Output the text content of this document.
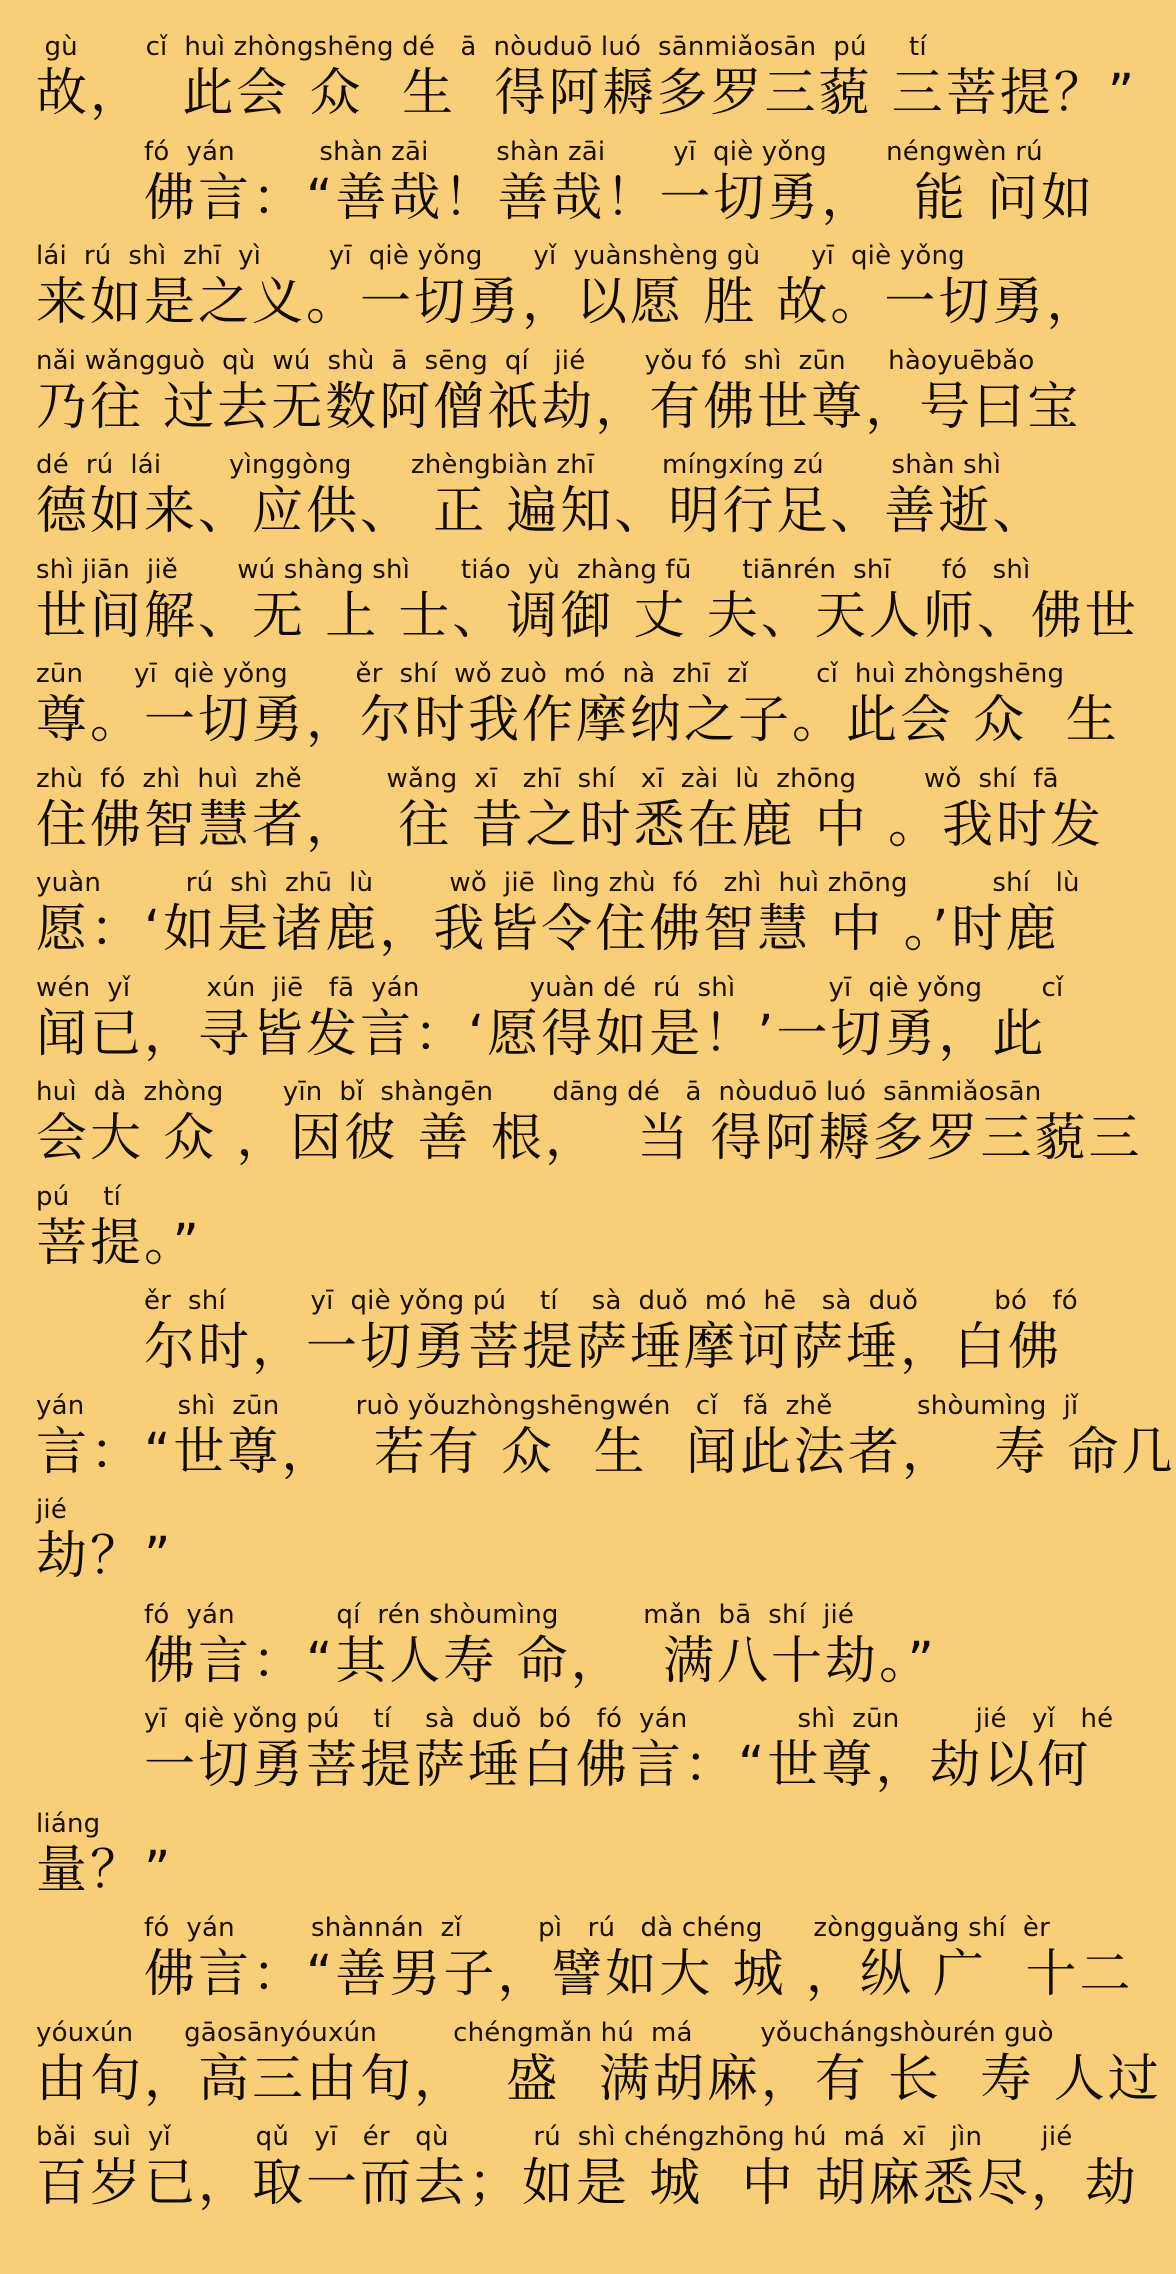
gù        cǐ  huì zhòngshēng dé   ā  nòuduō luó  sānmiǎosān  pú     tí
故，  此会 众  生  得阿耨多罗三藐 三菩提？”
fó  yán          shàn zāi        shàn zāi        yī  qiè yǒng       néngwèn rú
佛言：“善哉！善哉！一切勇，  能 问如
lái  rú  shì  zhī  yì        yī  qiè yǒng      yǐ  yuànshèng gù      yī  qiè yǒng
来如是之义。一切勇，以愿 胜 故。一切勇，
nǎi wǎngguò  qù  wú  shù  ā  sēng  qí   jié       yǒu fó  shì  zūn     hàoyuēbǎo
乃往 过去无数阿僧祇劫，有佛世尊，号曰宝
dé  rú  lái        yìnggòng       zhèngbiàn zhī        míngxíng zú        shàn shì
德如来、应供、 正 遍知、明行足、善逝、
shì jiān  jiě       wú shàng shì      tiáo  yù  zhàng fū      tiānrén  shī      fó   shì
世间解、无 上 士、调御 丈 夫、天人师、佛世
zūn      yī  qiè yǒng        ěr  shí  wǒ zuò  mó  nà  zhī  zǐ        cǐ  huì zhòngshēng
尊。一切勇，尔时我作摩纳之子。此会 众  生
zhù  fó  zhì  huì  zhě          wǎng  xī   zhī  shí   xī  zài  lù  zhōng        wǒ  shí  fā
住佛智慧者，  往 昔之时悉在鹿 中 。我时发
yuàn          rú  shì  zhū  lù         wǒ  jiē  lìng zhù  fó   zhì  huì zhōng          shí   lù
愿：‘如是诸鹿，我皆令住佛智慧 中 。’时鹿
wén  yǐ         xún  jiē   fā  yán             yuàn dé  rú  shì           yī  qiè yǒng       cǐ
闻已，寻皆发言：‘愿得如是！’一切勇，此
huì  dà  zhòng       yīn  bǐ  shàngēn       dāng dé   ā  nòuduō luó  sānmiǎosān
会大 众 ，因彼 善 根，  当 得阿耨多罗三藐三
pú    tí
菩提。”
ěr  shí          yī  qiè yǒng pú    tí    sà  duǒ  mó  hē   sà  duǒ         bó   fó
尔时，一切勇菩提萨埵摩诃萨埵，白佛
yán           shì  zūn         ruò yǒuzhòngshēngwén   cǐ   fǎ  zhě          shòumìng  jǐ
言：“世尊，  若有 众  生  闻此法者，  寿 命几
jié
劫？”
fó  yán            qí  rén shòumìng          mǎn  bā  shí  jié
佛言：“其人寿 命，  满八十劫。”
yī  qiè yǒng pú    tí    sà  duǒ  bó   fó  yán             shì  zūn         jié   yǐ   hé
一切勇菩提萨埵白佛言：“世尊，劫以何
liáng
量？”
fó  yán         shànnán  zǐ         pì   rú   dà chéng      zòngguǎng shí  èr
佛言：“善男子，譬如大 城 ，纵 广  十二
yóuxún      gāosānyóuxún         chéngmǎn hú  má        yǒuchángshòurén guò
由旬，高三由旬，  盛  满胡麻，有 长  寿 人过
bǎi  suì  yǐ          qǔ   yī   ér   qù          rú  shì chéngzhōng hú  má  xī   jìn       jié
百岁已，取一而去；如是 城  中 胡麻悉尽，劫
